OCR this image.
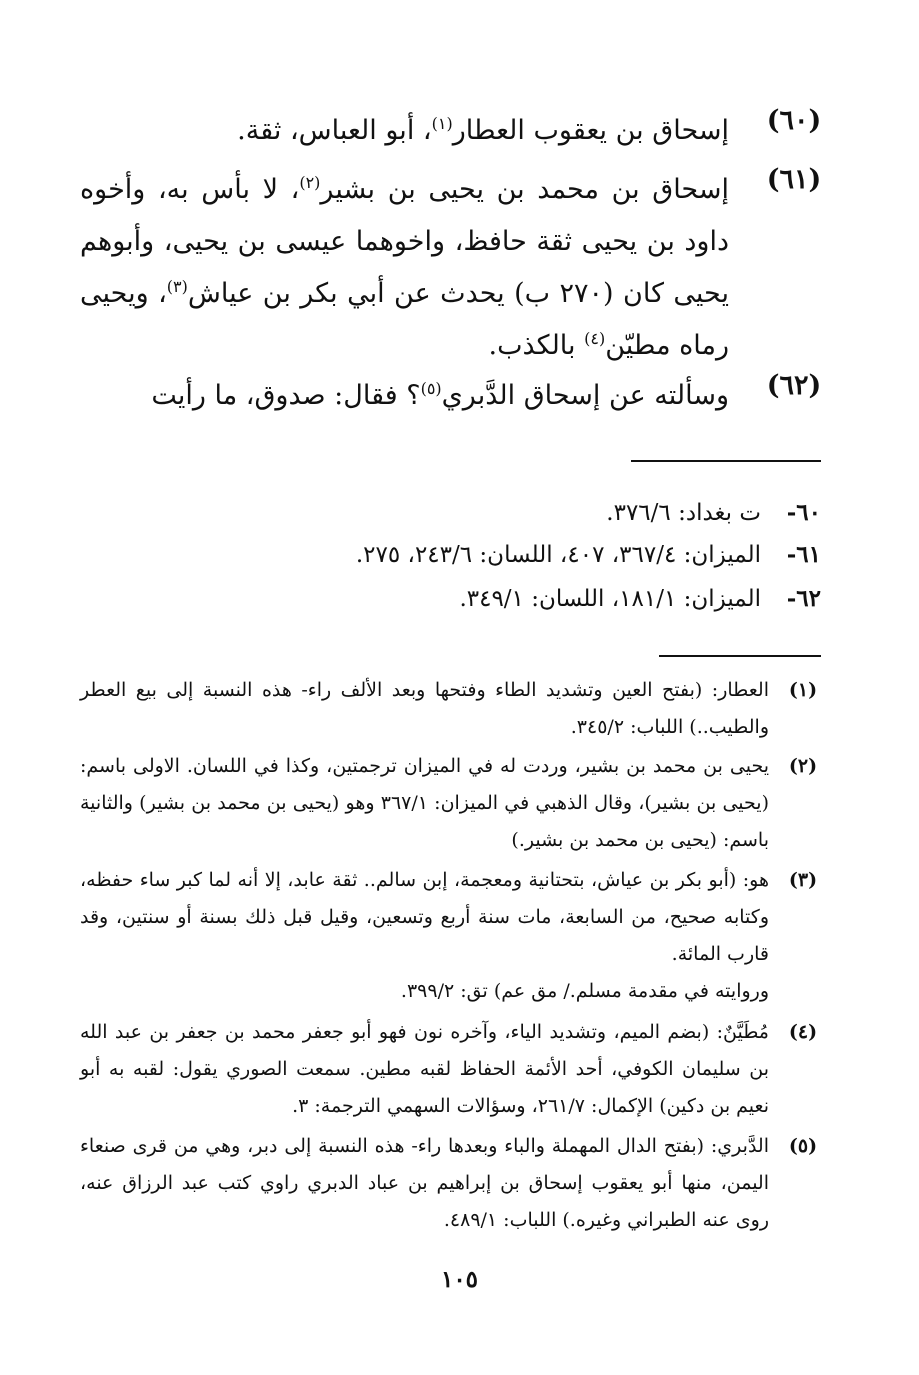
(٦٠)
إسحاق بن يعقوب العطار$^{(١)}$، أبو العباس، ثقة.
(٦١)
إسحاق بن محمد بن يحيى بن بشير$^{(٢)}$، لا بأس به، وأخوه داود بن يحيى ثقة حافظ، واخوهما عيسى بن يحيى، وأبوهم يحيى كان (٢٧٠ ب) يحدث عن أبي بكر بن عياش$^{(٣)}$، ويحيى رماه مطيّن$^{(٤)}$ بالكذب.
(٦٢)
وسألته عن إسحاق الدَّبري$^{(٥)}$؟ فقال: صدوق، ما رأيت
٦٠-ت بغداد: ٣٧٦/٦.
٦١-الميزان: ٣٦٧/٤، ٤٠٧، اللسان: ٢٤٣/٦، ٢٧٥.
٦٢-الميزان: ١٨١/١، اللسان: ٣٤٩/١.
(١)
العطار: (بفتح العين وتشديد الطاء وفتحها وبعد الألف راء- هذه النسبة إلى بيع العطر والطيب..) اللباب: ٣٤٥/٢.
(٢)
يحيى بن محمد بن بشير، وردت له في الميزان ترجمتين، وكذا في اللسان. الاولى باسم: (يحيى بن بشير)، وقال الذهبي في الميزان: ٣٦٧/١ وهو (يحيى بن محمد بن بشير) والثانية باسم: (يحيى بن محمد بن بشير.)
(٣)
هو: (أبو بكر بن عياش، بتحتانية ومعجمة، إبن سالم.. ثقة عابد، إلا أنه لما كبر ساء حفظه، وكتابه صحيح، من السابعة، مات سنة أربع وتسعين، وقيل قبل ذلك بسنة أو سنتين، وقد قارب المائة.
وروايته في مقدمة مسلم./ مق عم) تق: ٣٩٩/٢.
(٤)
مُطَيَّنٌ: (بضم الميم، وتشديد الياء، وآخره نون فهو أبو جعفر محمد بن جعفر بن عبد الله بن سليمان الكوفي، أحد الأئمة الحفاظ لقبه مطين. سمعت الصوري يقول: لقبه به أبو نعيم بن دكين) الإكمال: ٢٦١/٧، وسؤالات السهمي الترجمة: ٣.
(٥)
الدَّبري: (بفتح الدال المهملة والباء وبعدها راء- هذه النسبة إلى دبر، وهي من قرى صنعاء اليمن، منها أبو يعقوب إسحاق بن إبراهيم بن عباد الدبري راوي كتب عبد الرزاق عنه، روى عنه الطبراني وغيره.) اللباب: ٤٨٩/١.
١٠٥
